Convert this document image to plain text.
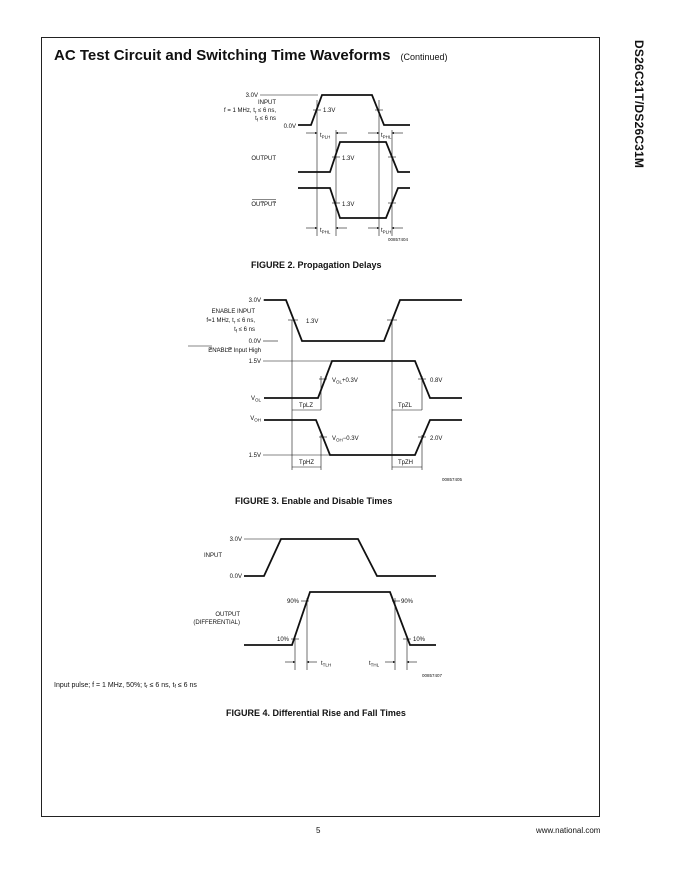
DS26C31T/DS26C31M
AC Test Circuit and Switching Time Waveforms (Continued)
3.0V
INPUT
f = 1 MHz, $t_r \le 6$ ns,
$t_f \le 6$ ns
0.0V
1.3V
1.3V
1.3V
OUTPUT
OUTPUT
$t_{PLH}$	$t_{PHL}$
$t_{PHL}$	$t_{PLH}$
00857404
3.0V
ENABLE INPUT
f=1 MHz, $t_r \le 6$ ns,
$t_f \le 6$ ns
0.0V
ENABLE Input High
1.3V
1.5V
$V_{OL}$
$V_{OL}+0.3V$	0.8V
TpLZ	TpZL
$V_{OH}$
1.5V
$V_{OH}-0.3V$	2.0V
TpHZ	TpZH
00857405
3.0V
INPUT
0.0V
OUTPUT
(DIFFERENTIAL)
90%	90%
10%	10%
$t_{TLH}$	$t_{THL}$
00857407
FIGURE 2. Propagation Delays
FIGURE 3. Enable and Disable Times
FIGURE 4. Differential Rise and Fall Times
Input pulse; f = 1 MHz, 50%; tr ≤ 6 ns, tf ≤ 6 ns
5	www.national.com
